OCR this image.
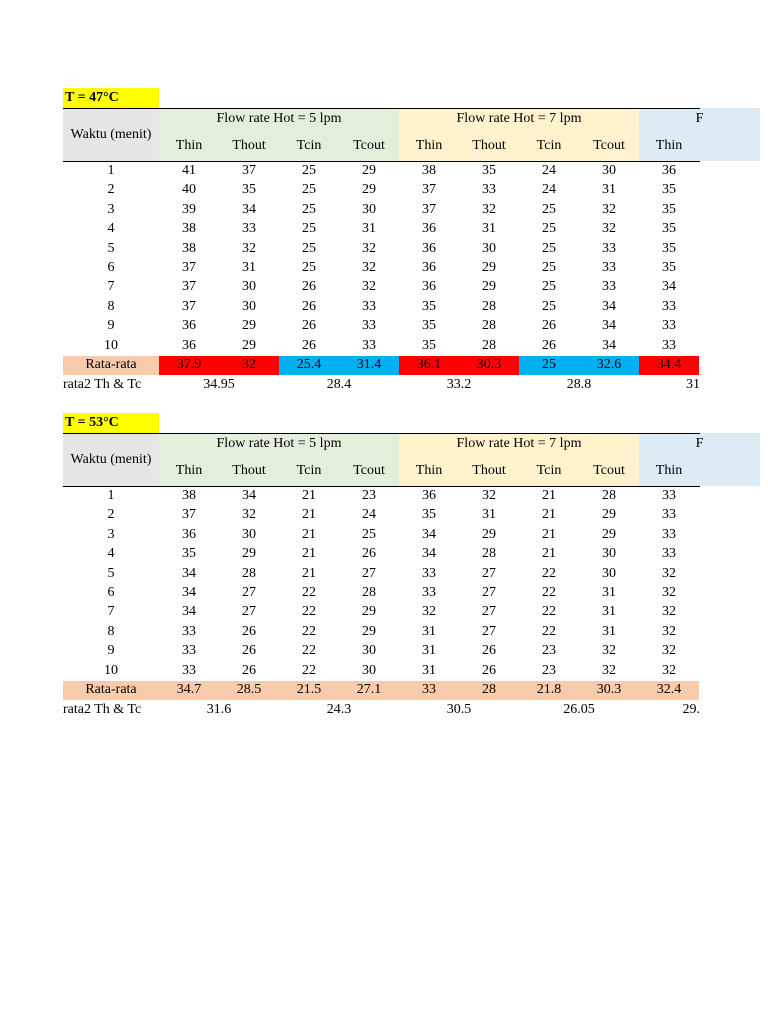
T = 47°C
Waktu (menit)
Flow rate Hot = 5 lpm
Thin	Thout	Tcin	Tcout
Flow rate Hot = 7 lpm
Thin	Thout	Tcin	Tcout
F
Thin
1	41	37	25	29	38	35	24	30	36
2	40	35	25	29	37	33	24	31	35
3	39	34	25	30	37	32	25	32	35
4	38	33	25	31	36	31	25	32	35
5	38	32	25	32	36	30	25	33	35
6	37	31	25	32	36	29	25	33	35
7	37	30	26	32	36	29	25	33	34
8	37	30	26	33	35	28	25	34	33
9	36	29	26	33	35	28	26	34	33
10	36	29	26	33	35	28	26	34	33
Rata-rata	37.9	32	25.4	31.4	36.1	30.3	25	32.6	34.4
rata2 Th & Tc	34.95	28.4	33.2	28.8	31
T = 53°C
Waktu (menit)
Flow rate Hot = 5 lpm
Thin	Thout	Tcin	Tcout
Flow rate Hot = 7 lpm
Thin	Thout	Tcin	Tcout
F
Thin
1	38	34	21	23	36	32	21	28	33
2	37	32	21	24	35	31	21	29	33
3	36	30	21	25	34	29	21	29	33
4	35	29	21	26	34	28	21	30	33
5	34	28	21	27	33	27	22	30	32
6	34	27	22	28	33	27	22	31	32
7	34	27	22	29	32	27	22	31	32
8	33	26	22	29	31	27	22	31	32
9	33	26	22	30	31	26	23	32	32
10	33	26	22	30	31	26	23	32	32
Rata-rata	34.7	28.5	21.5	27.1	33	28	21.8	30.3	32.4
rata2 Th & Tc	31.6	24.3	30.5	26.05	29.
